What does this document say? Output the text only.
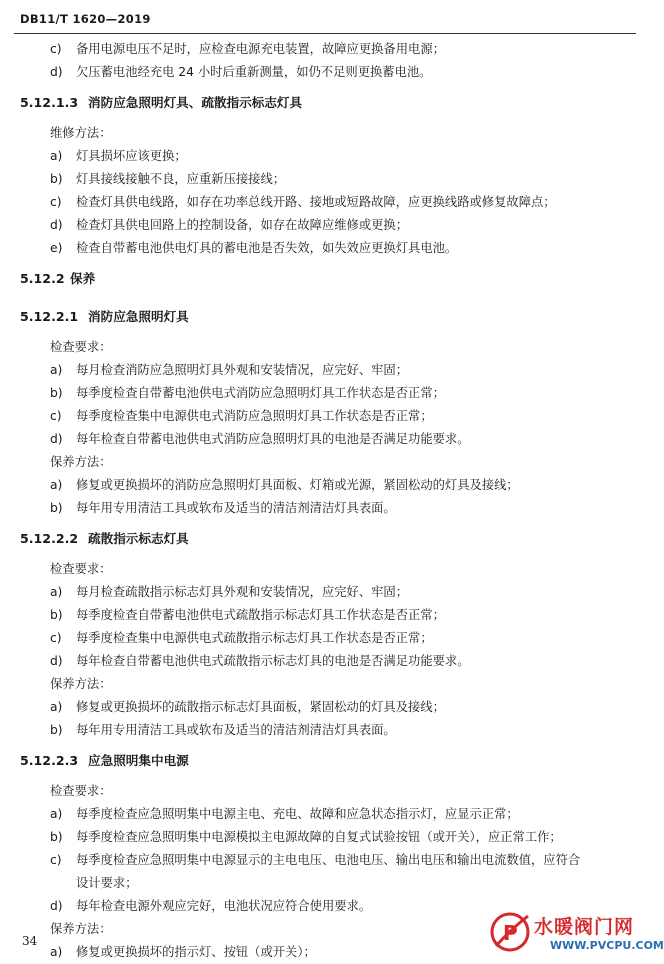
DB11/T 1620—2019
c) 备用电源电压不足时，应检查电源充电装置，故障应更换备用电源；
d) 欠压蓄电池经充电 24 小时后重新测量，如仍不足则更换蓄电池。
5.12.1.3 消防应急照明灯具、疏散指示标志灯具
维修方法：
a) 灯具损坏应该更换；
b) 灯具接线接触不良，应重新压接接线；
c) 检查灯具供电线路，如存在功率总线开路、接地或短路故障，应更换线路或修复故障点；
d) 检查灯具供电回路上的控制设备，如存在故障应维修或更换；
e) 检查自带蓄电池供电灯具的蓄电池是否失效，如失效应更换灯具电池。
5.12.2 保养
5.12.2.1 消防应急照明灯具
检查要求：
a) 每月检查消防应急照明灯具外观和安装情况，应完好、牢固；
b) 每季度检查自带蓄电池供电式消防应急照明灯具工作状态是否正常；
c) 每季度检查集中电源供电式消防应急照明灯具工作状态是否正常；
d) 每年检查自带蓄电池供电式消防应急照明灯具的电池是否满足功能要求。
保养方法：
a) 修复或更换损坏的消防应急照明灯具面板、灯箱或光源，紧固松动的灯具及接线；
b) 每年用专用清洁工具或软布及适当的清洁剂清洁灯具表面。
5.12.2.2 疏散指示标志灯具
检查要求：
a) 每月检查疏散指示标志灯具外观和安装情况，应完好、牢固；
b) 每季度检查自带蓄电池供电式疏散指示标志灯具工作状态是否正常；
c) 每季度检查集中电源供电式疏散指示标志灯具工作状态是否正常；
d) 每年检查自带蓄电池供电式疏散指示标志灯具的电池是否满足功能要求。
保养方法：
a) 修复或更换损坏的疏散指示标志灯具面板，紧固松动的灯具及接线；
b) 每年用专用清洁工具或软布及适当的清洁剂清洁灯具表面。
5.12.2.3 应急照明集中电源
检查要求：
a) 每季度检查应急照明集中电源主电、充电、故障和应急状态指示灯，应显示正常；
b) 每季度检查应急照明集中电源模拟主电源故障的自复式试验按钮（或开关），应正常工作；
c) 每季度检查应急照明集中电源显示的主电电压、电池电压、输出电压和输出电流数值，应符合
设计要求；
d) 每年检查电源外观应完好，电池状况应符合使用要求。
保养方法：
a) 修复或更换损坏的指示灯、按钮（或开关）；
34	P 水暖阀门网
WWW.PVCPU.COM
